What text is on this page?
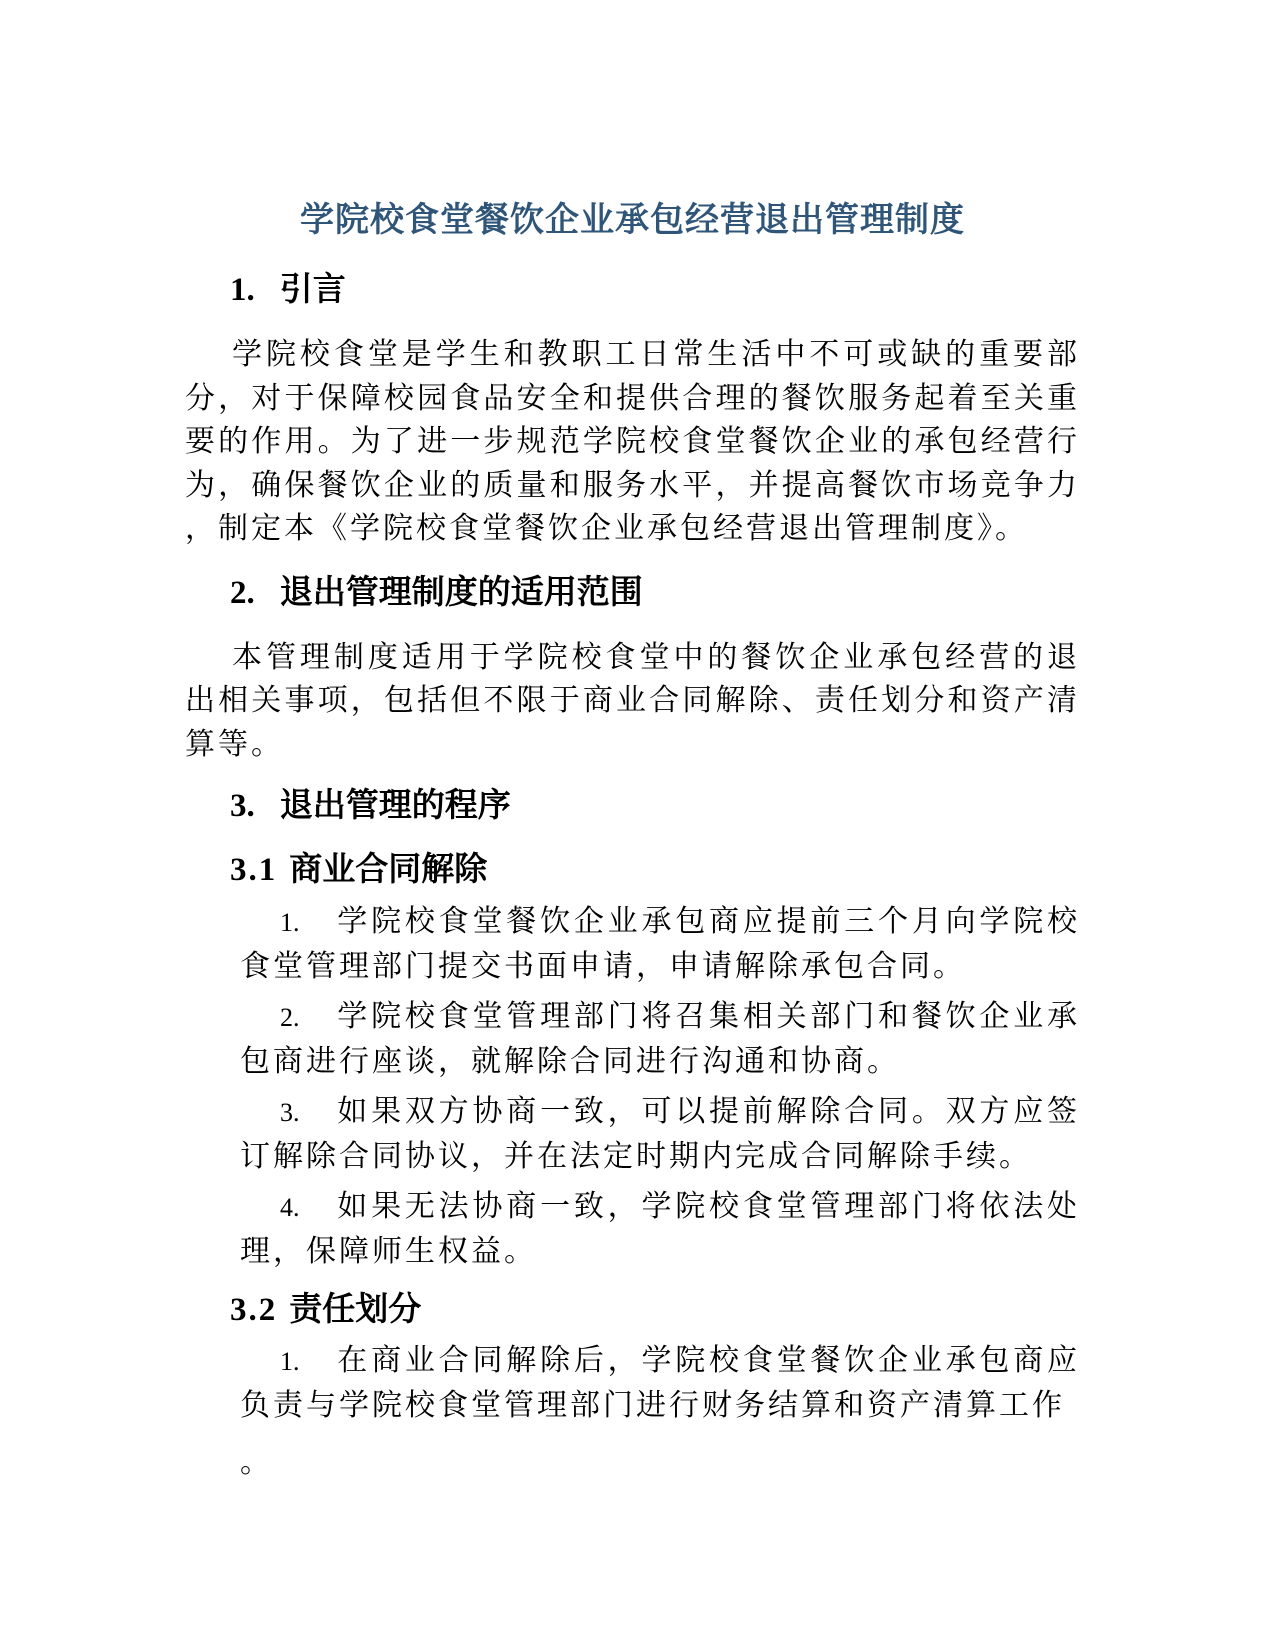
学院校食堂餐饮企业承包经营退出管理制度
1. 引言
学院校食堂是学生和教职工日常生活中不可或缺的重要部分，对于保障校园食品安全和提供合理的餐饮服务起着至关重要的作用。为了进一步规范学院校食堂餐饮企业的承包经营行为，确保餐饮企业的质量和服务水平，并提高餐饮市场竞争力，制定本《学院校食堂餐饮企业承包经营退出管理制度》。
2. 退出管理制度的适用范围
本管理制度适用于学院校食堂中的餐饮企业承包经营的退出相关事项，包括但不限于商业合同解除、责任划分和资产清算等。
3. 退出管理的程序
3.1 商业合同解除
1. 学院校食堂餐饮企业承包商应提前三个月向学院校食堂管理部门提交书面申请，申请解除承包合同。
2. 学院校食堂管理部门将召集相关部门和餐饮企业承包商进行座谈，就解除合同进行沟通和协商。
3. 如果双方协商一致，可以提前解除合同。双方应签订解除合同协议，并在法定时期内完成合同解除手续。
4. 如果无法协商一致，学院校食堂管理部门将依法处理，保障师生权益。
3.2 责任划分
1. 在商业合同解除后，学院校食堂餐饮企业承包商应负责与学院校食堂管理部门进行财务结算和资产清算工作
。
